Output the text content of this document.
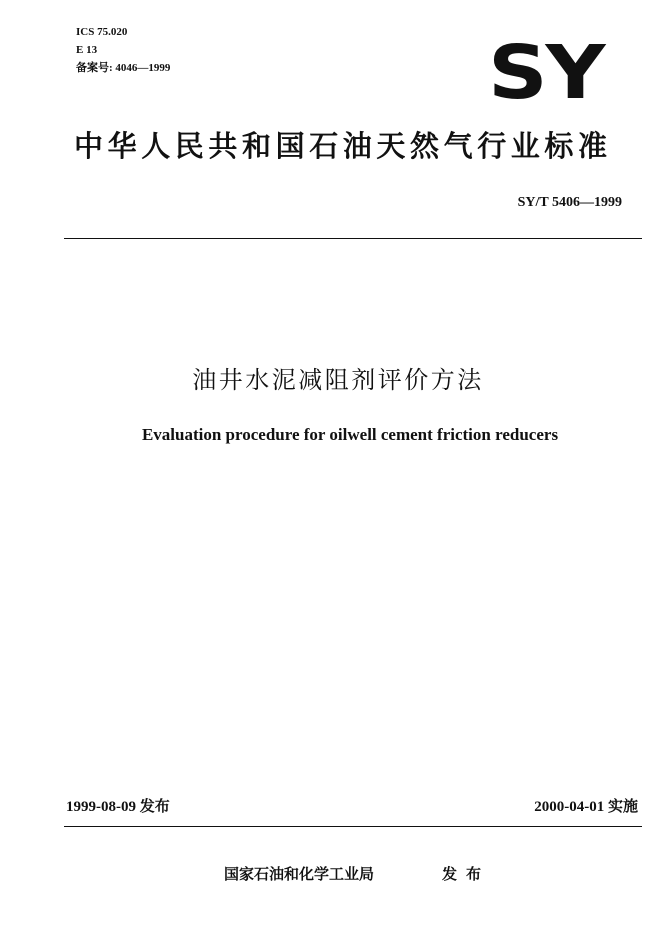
ICS 75.020
E 13
备案号: 4046—1999	SY
中华人民共和国石油天然气行业标准
SY/T 5406—1999
油井水泥减阻剂评价方法
Evaluation procedure for oilwell cement friction reducers
1999-08-09 发布	2000-04-01 实施
国家石油和化学工业局	发布
